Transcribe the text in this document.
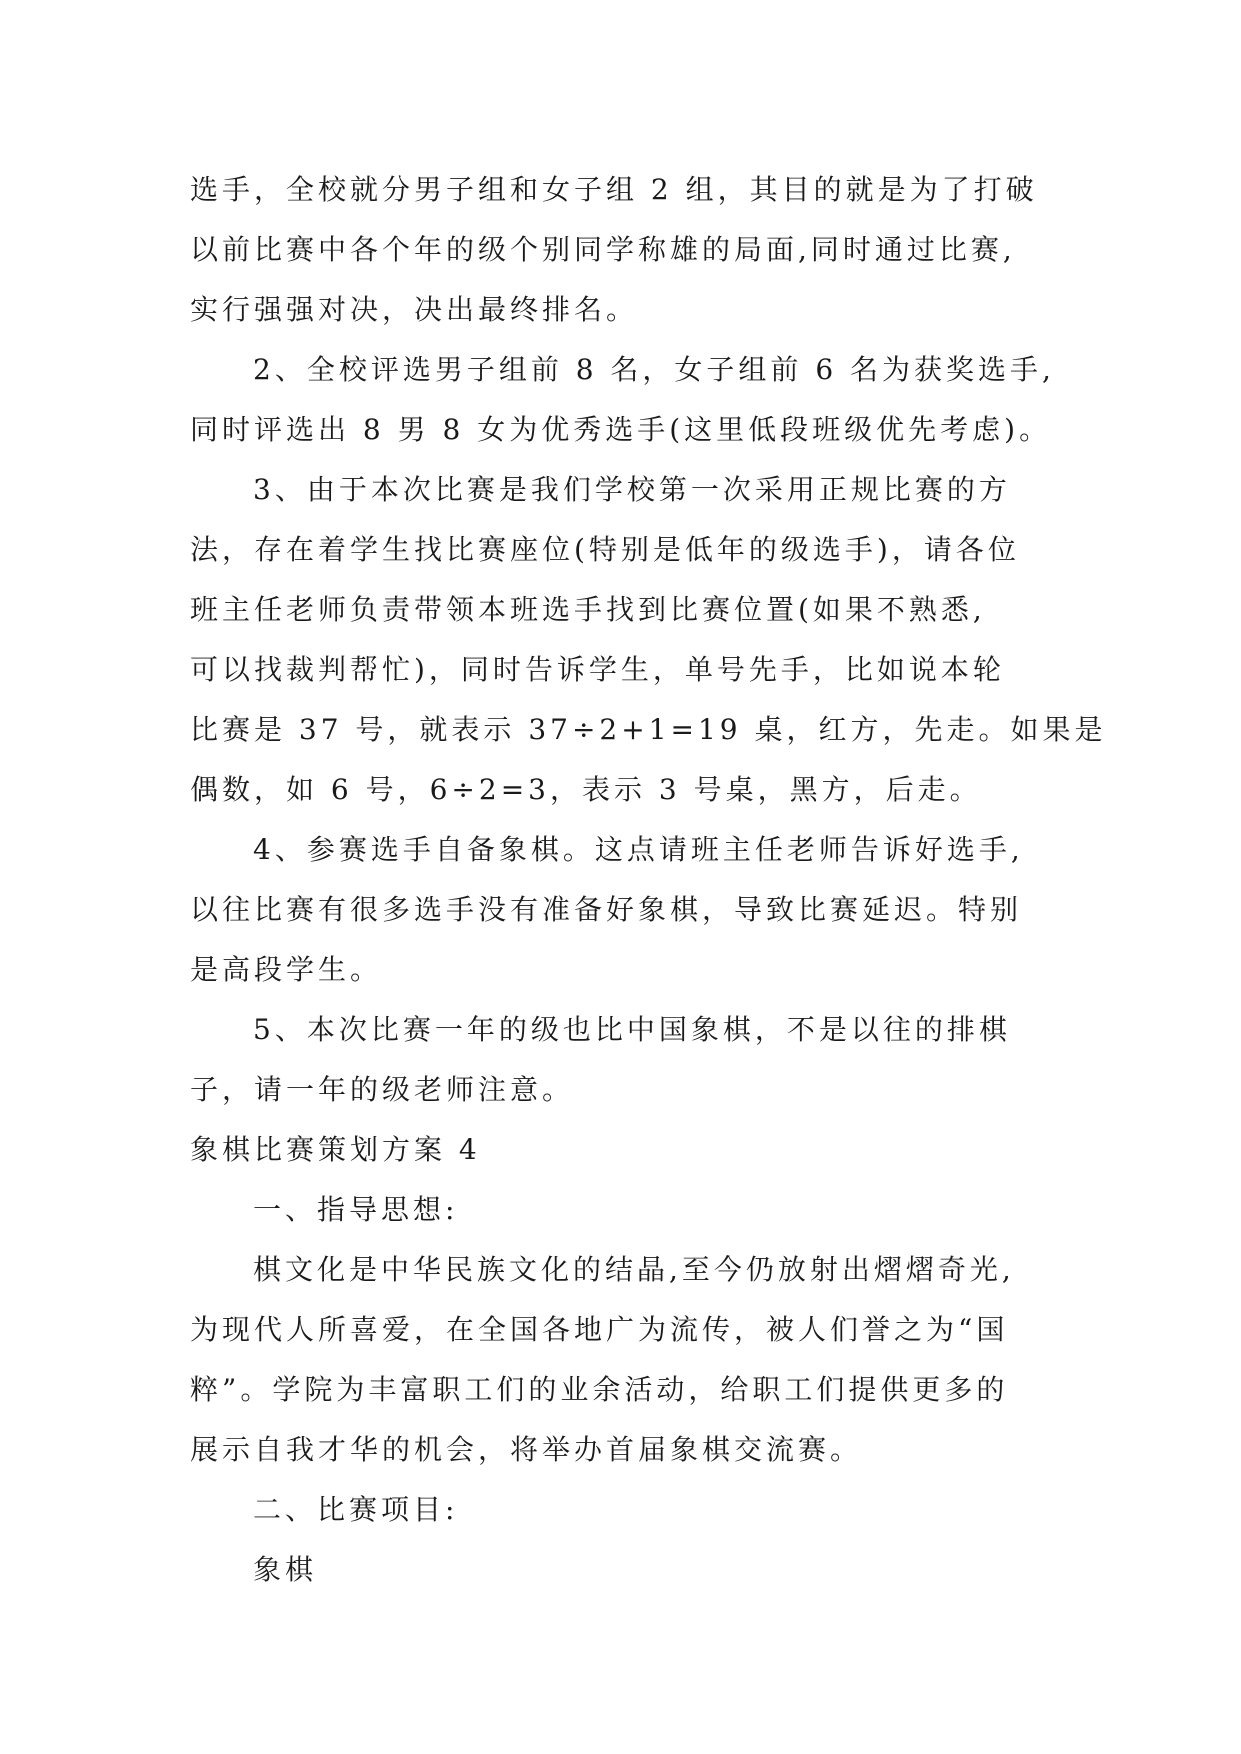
选手，全校就分男子组和女子组 2 组，其目的就是为了打破
以前比赛中各个年的级个别同学称雄的局面,同时通过比赛,
实行强强对决，决出最终排名。
2、全校评选男子组前 8 名，女子组前 6 名为获奖选手,
同时评选出 8 男 8 女为优秀选手(这里低段班级优先考虑)。
3、由于本次比赛是我们学校第一次采用正规比赛的方
法，存在着学生找比赛座位(特别是低年的级选手)，请各位
班主任老师负责带领本班选手找到比赛位置(如果不熟悉,
可以找裁判帮忙)，同时告诉学生，单号先手，比如说本轮
比赛是 37 号，就表示 37÷2+1=19 桌，红方，先走。如果是
偶数，如 6 号，6÷2=3，表示 3 号桌，黑方，后走。
4、参赛选手自备象棋。这点请班主任老师告诉好选手,
以往比赛有很多选手没有准备好象棋，导致比赛延迟。特别
是高段学生。
5、本次比赛一年的级也比中国象棋，不是以往的排棋
子，请一年的级老师注意。
象棋比赛策划方案 4
一、指导思想:
棋文化是中华民族文化的结晶,至今仍放射出熠熠奇光,
为现代人所喜爱，在全国各地广为流传，被人们誉之为“国
粹”。学院为丰富职工们的业余活动，给职工们提供更多的
展示自我才华的机会，将举办首届象棋交流赛。
二、比赛项目:
象棋
